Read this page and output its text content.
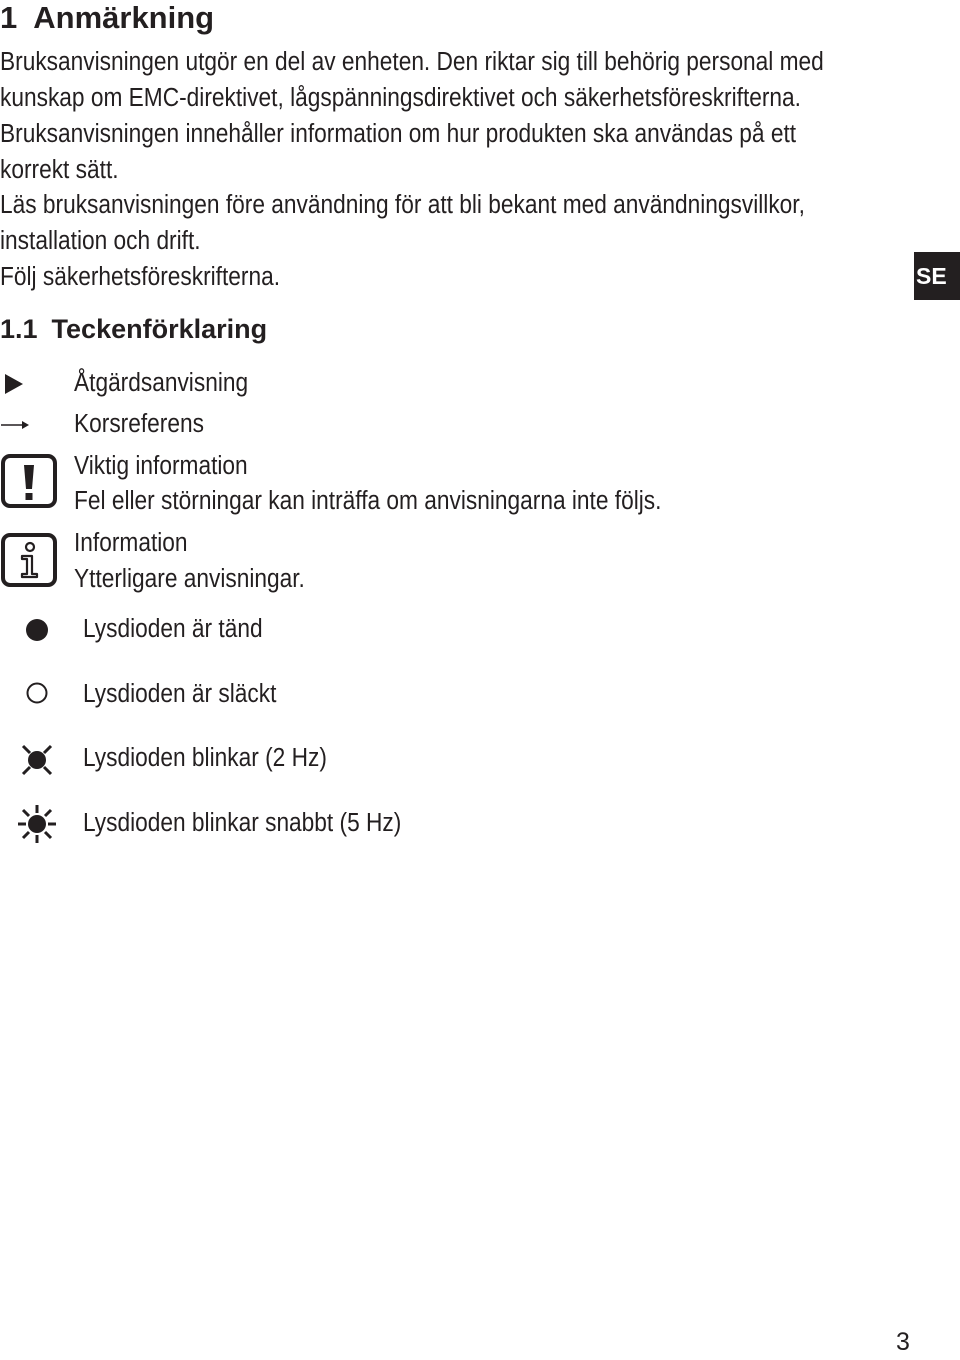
1 Anmärkning

Bruksanvisningen utgör en del av enheten. Den riktar sig till behörig personal med

kunskap om EMC-direktivet, lågspänningsdirektivet och säkerhetsföreskrifterna.

Bruksanvisningen innehåller information om hur produkten ska användas på ett

korrekt sätt.

Läs bruksanvisningen före användning för att bli bekant med användningsvillkor,

installation och drift.

Följ säkerhetsföreskrifterna.	SE
1.1 Teckenförklaring

Åtgärdsanvisning

Korsreferens

Viktig information

Fel eller störningar kan inträffa om anvisningarna inte följs.

Information

Ytterligare anvisningar.

Lysdioden är tänd

Lysdioden är släckt

Lysdioden blinkar (2 Hz)

Lysdioden blinkar snabbt (5 Hz)

3
